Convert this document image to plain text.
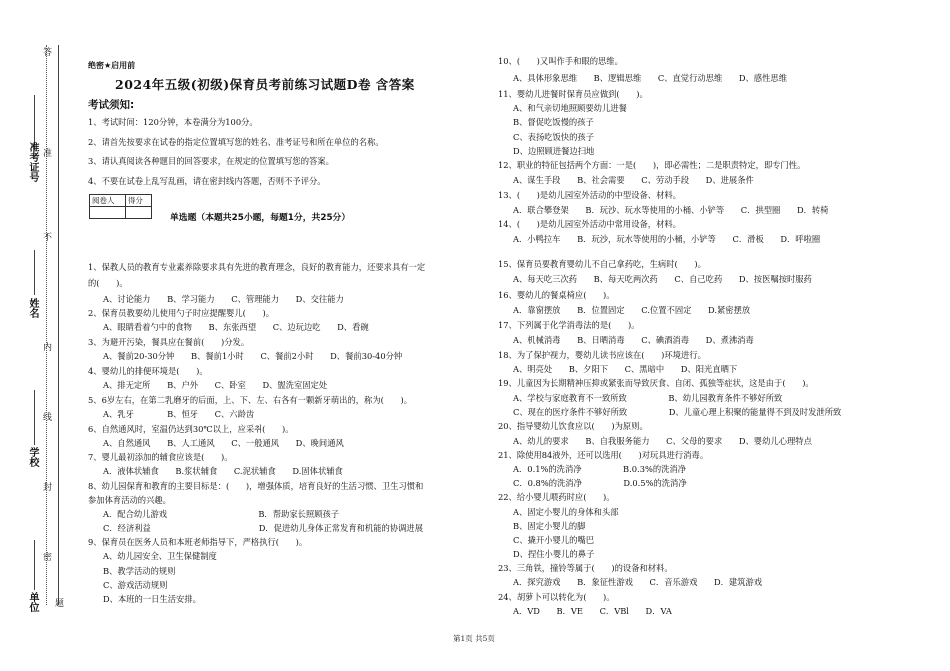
答
准
不
内
线
封
密
题
准考证号
姓名
学校
单位
绝密★启用前
2024年五级(初级)保育员考前练习试题D卷 含答案
考试须知:
1、考试时间：120分钟，本卷满分为100分。
2、请首先按要求在试卷的指定位置填写您的姓名、准考证号和所在单位的名称。
3、请认真阅读各种题目的回答要求，在规定的位置填写您的答案。
4、不要在试卷上乱写乱画，请在密封线内答题，否则不予评分。
阅卷人	得分

单选题（本题共25小题，每题1分，共25分）
1、保教人员的教育专业素养除要求具有先进的教育理念，良好的教育能力，还要求具有一定
的(　　)。
A、讨论能力　　B、学习能力　　C、管理能力　　D、交往能力
2、保育员教要幼儿使用勺子时应提醒婴儿(　　)。
A、眼睛看着勺中的食物　　B、东张西望　　C、边玩边吃　　D、看碗
3、为避开污染，餐具应在餐前(　　)分发。
A、餐前20-30分钟　　B、餐前1小时　　C、餐前2小时　　D、餐前30-40分钟
4、婴幼儿的排便环境是(　　)。
A、排无定所　　B、户外　　C、卧室　　D、盥洗室固定处
5、6岁左右，在第二乳磨牙的后面，上、下、左、右各有一颗新牙萌出的，称为(　　)。
A、乳牙　　　　B、恒牙　　C、六龄齿
6、自然通风时，室温仍达到30℃以上，应采취(　　)。
A、自然通风　　B、人工通风　　C、一般通风　　D、晚间通风
7、婴儿最初添加的辅食应该是(　　)。
A．液体状辅食　　B.浆状辅食　　C.泥状辅食　　D.固体状辅食
8、幼儿园保育和教育的主要目标是：(　　)，增强体质，培育良好的生活习惯、卫生习惯和
参加体育活动的兴趣。
A．配合幼儿游戏　　　　　　　　　　　B．帮助家长照顾孩子
C．经济利益　　　　　　　　　　　　　D．促进幼儿身体正常发育和机能的协调进展
9、保育员在医务人员和本班老师指导下，严格执行(　　)。
A、幼儿园安全、卫生保健制度
B、教学活动的规则
C、游戏活动规则
D、本班的一日生活安排。
10、(　　)又叫作手和眼的思维。
A、具体形象思维　　B、逻辑思维　　C、直觉行动思维　　D、感性思维
11、婴幼儿进餐时保育员应做到(　　)。
A、和气亲切地照顾要幼儿进餐
B、督促吃饭慢的孩子
C、表扬吃饭快的孩子
D、边照顾进餐边扫地
12、职业的特征包括两个方面：一是(　　)，即必需性；二是职责特定，即专门性。
A、谋生手段　　B、社会需要　　C、劳动手段　　D、进展条件
13、(　　)是幼儿园室外活动的中型设备、材料。
A．联合攀登架　　B．玩沙、玩水等使用的小桶、小铲等　　C．拱型圈　　D．转椅
14、(　　)是幼儿园室外活动中常用设备，材料。
A．小鸭拉车　　B．玩沙，玩水等使用的小桶，小铲等　　C．滑板　　D．呼啦圈
15、保育员要教育婴幼儿不自己拿药吃，生病时(　　)。
A、每天吃三次药　　B、每天吃两次药　　C、自己吃药　　D、按医嘱按时服药
16、婴幼儿的餐桌椅应(　　)。
A．靠窗摆放　　B．位置固定　　C.位置不固定　　D.紧密摆放
17、下列属于化学消毒法的是(　　)。
A、机械消毒　　B、日晒消毒　　C、碘酒消毒　　D、煮沸消毒
18、为了保护视力，婴幼儿读书应该在(　　)环境进行。
A、明亮处　　B、夕阳下　　C、黑暗中　　D、阳光直晒下
19、儿童因为长期精神压抑或紧张而导致厌食、自闭、孤独等症状，这是由于(　　)。
A、学校与家庭教育不一致所致　　　　　B、幼儿园教育条件不够好所致
C、现在的医疗条件不够好所致　　　　　D、儿童心理上积聚的能量得不到及时发泄所致
20、指导婴幼儿饮食应以(　　)为原则。
A、幼儿的要求　　B、自我服务能力　　C、父母的要求　　D、婴幼儿心理特点
21、除使用84液外，还可以选用(　　)对玩具进行消毒。
A．0.1%的洗消净　　　　　B.0.3%的洗消净
C．0.8%的洗消净　　　　　D.0.5%的洗消净
22、给小婴儿喂药时应(　　)。
A、固定小婴儿的身体和头部
B、固定小婴儿的脚
C、撬开小婴儿的嘴巴
D、捏住小婴儿的鼻子
23、三角铁，撞铃等属于(　　)的设备和材料。
A．探究游戏　　B．象征性游戏　　C．音乐游戏　　D．建筑游戏
24、胡萝卜可以转化为(　　)。
A．VD　　B．VE　　C．VBl　　D．VA
第1页 共5页
